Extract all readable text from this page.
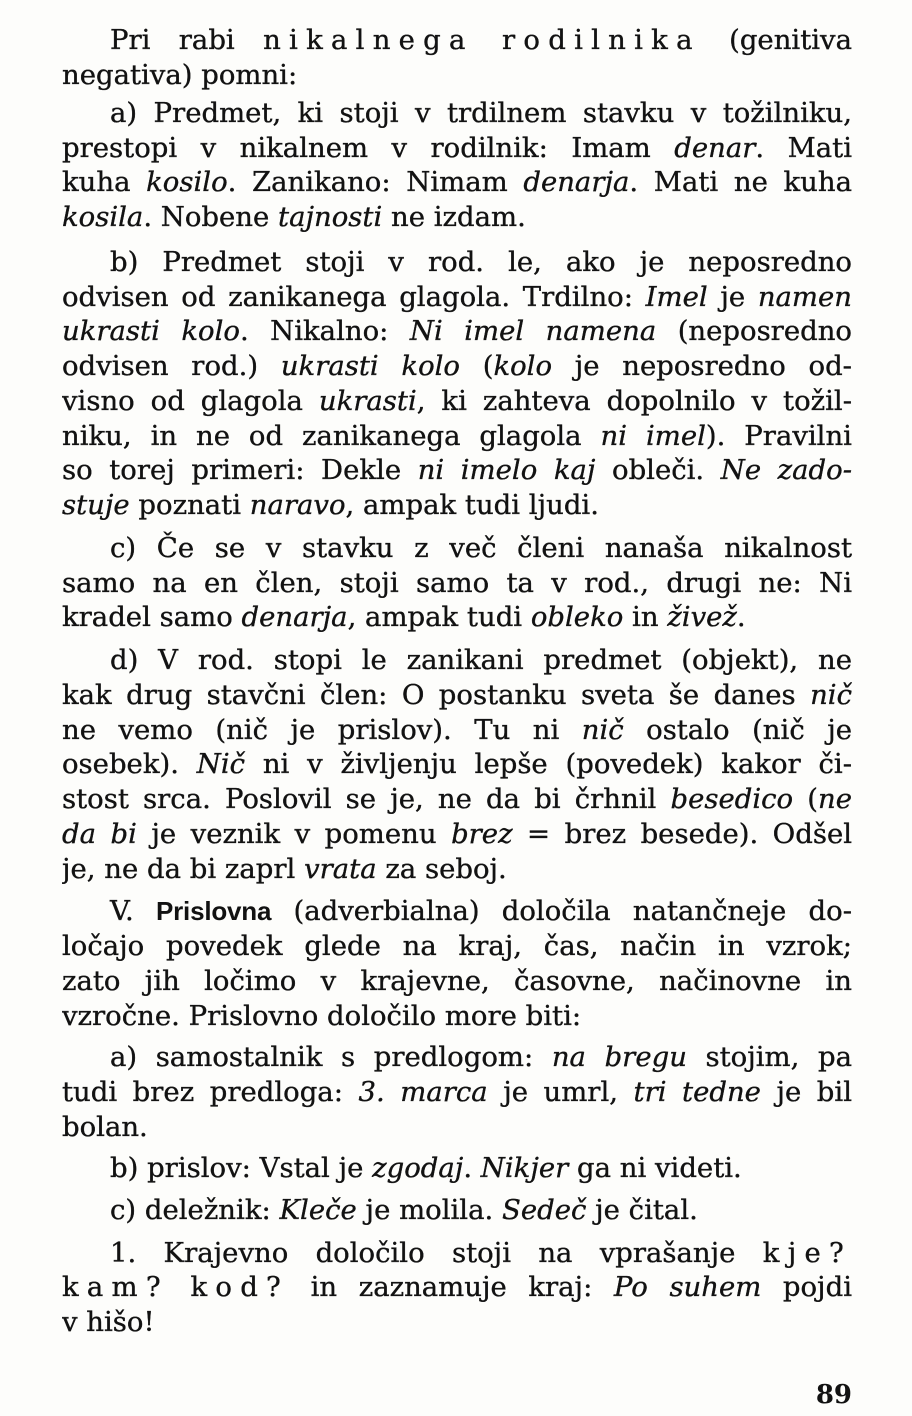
Pri rabi nikalnega rodilnika (genitiva
negativa) pomni:
a) Predmet, ki stoji v trdilnem stavku v tožilniku,
prestopi v nikalnem v rodilnik: Imam denar. Mati
kuha kosilo. Zanikano: Nimam denarja. Mati ne kuha
kosila. Nobene tajnosti ne izdam.
b) Predmet stoji v rod. le, ako je neposredno
odvisen od zanikanega glagola. Trdilno: Imel je namen
ukrasti kolo. Nikalno: Ni imel namena (neposredno
odvisen rod.) ukrasti kolo (kolo je neposredno od-
visno od glagola ukrasti, ki zahteva dopolnilo v tožil-
niku, in ne od zanikanega glagola ni imel). Pravilni
so torej primeri: Dekle ni imelo kaj obleči. Ne zado-
stuje poznati naravo, ampak tudi ljudi.
c) Če se v stavku z več členi nanaša nikalnost
samo na en člen, stoji samo ta v rod., drugi ne: Ni
kradel samo denarja, ampak tudi obleko in živež.
d) V rod. stopi le zanikani predmet (objekt), ne
kak drug stavčni člen: O postanku sveta še danes nič
ne vemo (nič je prislov). Tu ni nič ostalo (nič je
osebek). Nič ni v življenju lepše (povedek) kakor či-
stost srca. Poslovil se je, ne da bi črhnil besedico (ne
da bi je veznik v pomenu brez = brez besede). Odšel
je, ne da bi zaprl vrata za seboj.
V. Prislovna (adverbialna) določila natančneje do-
ločajo povedek glede na kraj, čas, način in vzrok;
zato jih ločimo v krajevne, časovne, načinovne in
vzročne. Prislovno določilo more biti:
a) samostalnik s predlogom: na bregu stojim, pa
tudi brez predloga: 3. marca je umrl, tri tedne je bil
bolan.
b) prislov: Vstal je zgodaj. Nikjer ga ni videti.
c) deležnik: Kleče je molila. Sedeč je čital.
1. Krajevno določilo stoji na vprašanje kje?
kam? kod? in zaznamuje kraj: Po suhem pojdi
v hišo!
89
